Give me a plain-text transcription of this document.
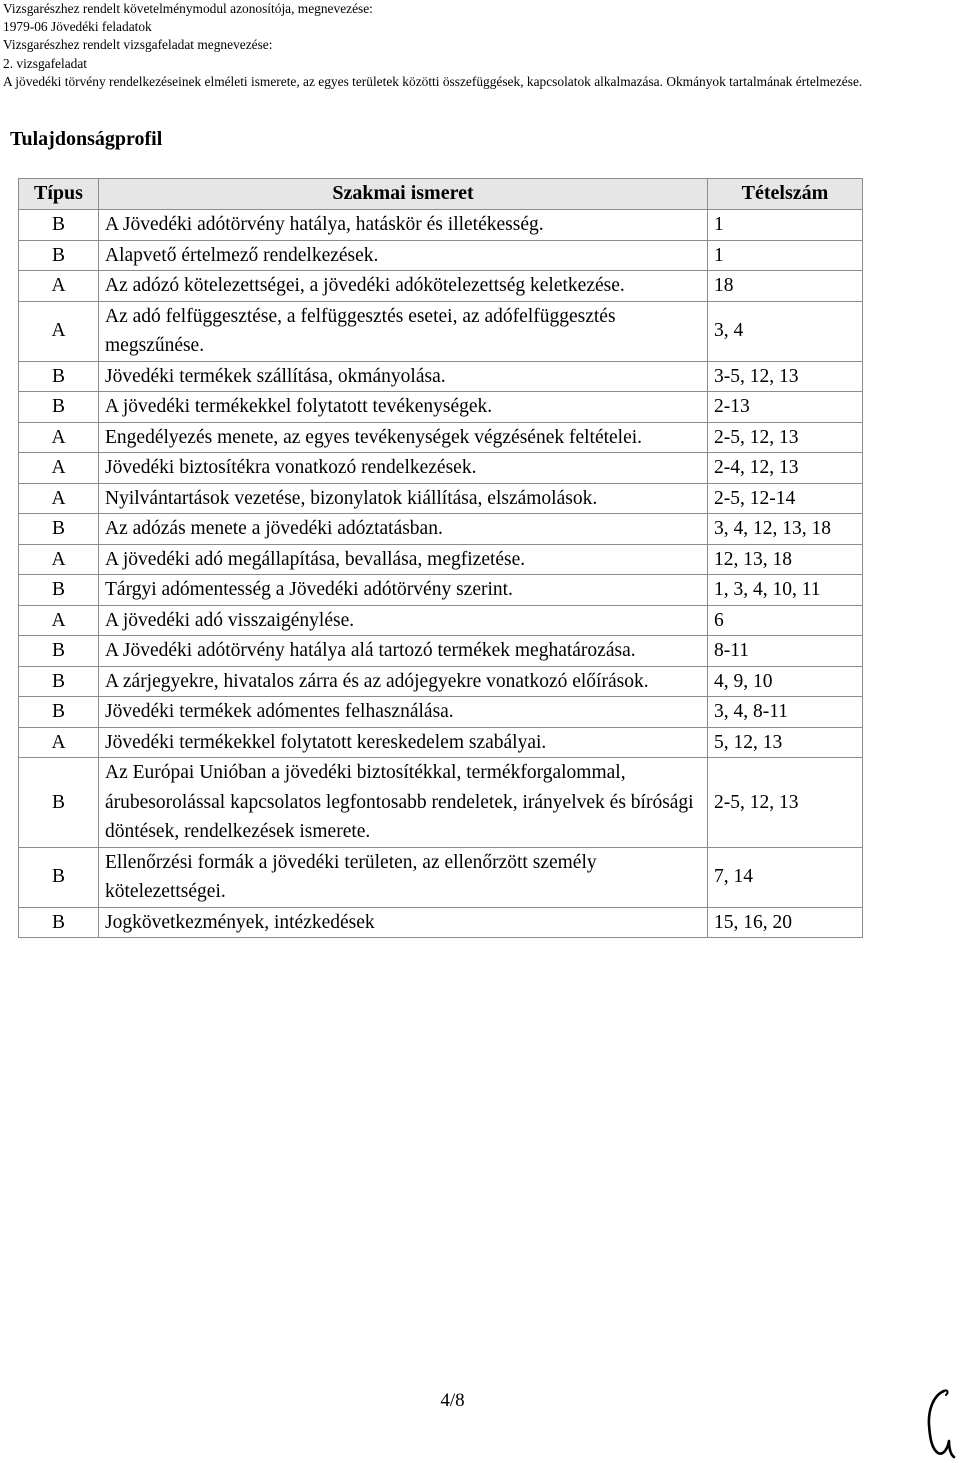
Vizsgarészhez rendelt követelménymodul azonosítója, megnevezése:
1979-06 Jövedéki feladatok
Vizsgarészhez rendelt vizsgafeladat megnevezése:
2. vizsgafeladat
A jövedéki törvény rendelkezéseinek elméleti ismerete, az egyes területek közötti összefüggések, kapcsolatok alkalmazása. Okmányok tartalmának értelmezése.
Tulajdonságprofil
Típus	Szakmai ismeret	Tételszám
B	A Jövedéki adótörvény hatálya, hatáskör és illetékesség.	1
B	Alapvető értelmező rendelkezések.	1
A	Az adózó kötelezettségei, a jövedéki adókötelezettség keletkezése.	18
A	Az adó felfüggesztése, a felfüggesztés esetei, az adófelfüggesztés megszűnése.	3, 4
B	Jövedéki termékek szállítása, okmányolása.	3-5, 12, 13
B	A jövedéki termékekkel folytatott tevékenységek.	2-13
A	Engedélyezés menete, az egyes tevékenységek végzésének feltételei.	2-5, 12, 13
A	Jövedéki biztosítékra vonatkozó rendelkezések.	2-4, 12, 13
A	Nyilvántartások vezetése, bizonylatok kiállítása, elszámolások.	2-5, 12-14
B	Az adózás menete a jövedéki adóztatásban.	3, 4, 12, 13, 18
A	A jövedéki adó megállapítása, bevallása, megfizetése.	12, 13, 18
B	Tárgyi adómentesség a Jövedéki adótörvény szerint.	1, 3, 4, 10, 11
A	A jövedéki adó visszaigénylése.	6
B	A Jövedéki adótörvény hatálya alá tartozó termékek meghatározása.	8-11
B	A zárjegyekre, hivatalos zárra és az adójegyekre vonatkozó előírások.	4, 9, 10
B	Jövedéki termékek adómentes felhasználása.	3, 4, 8-11
A	Jövedéki termékekkel folytatott kereskedelem szabályai.	5, 12, 13
B	Az Európai Unióban a jövedéki biztosítékkal, termékforgalommal, árubesorolással kapcsolatos legfontosabb rendeletek, irányelvek és bírósági döntések, rendelkezések ismerete.	2-5, 12, 13
B	Ellenőrzési formák a jövedéki területen, az ellenőrzött személy kötelezettségei.	7, 14
B	Jogkövetkezmények, intézkedések	15, 16, 20
4/8
